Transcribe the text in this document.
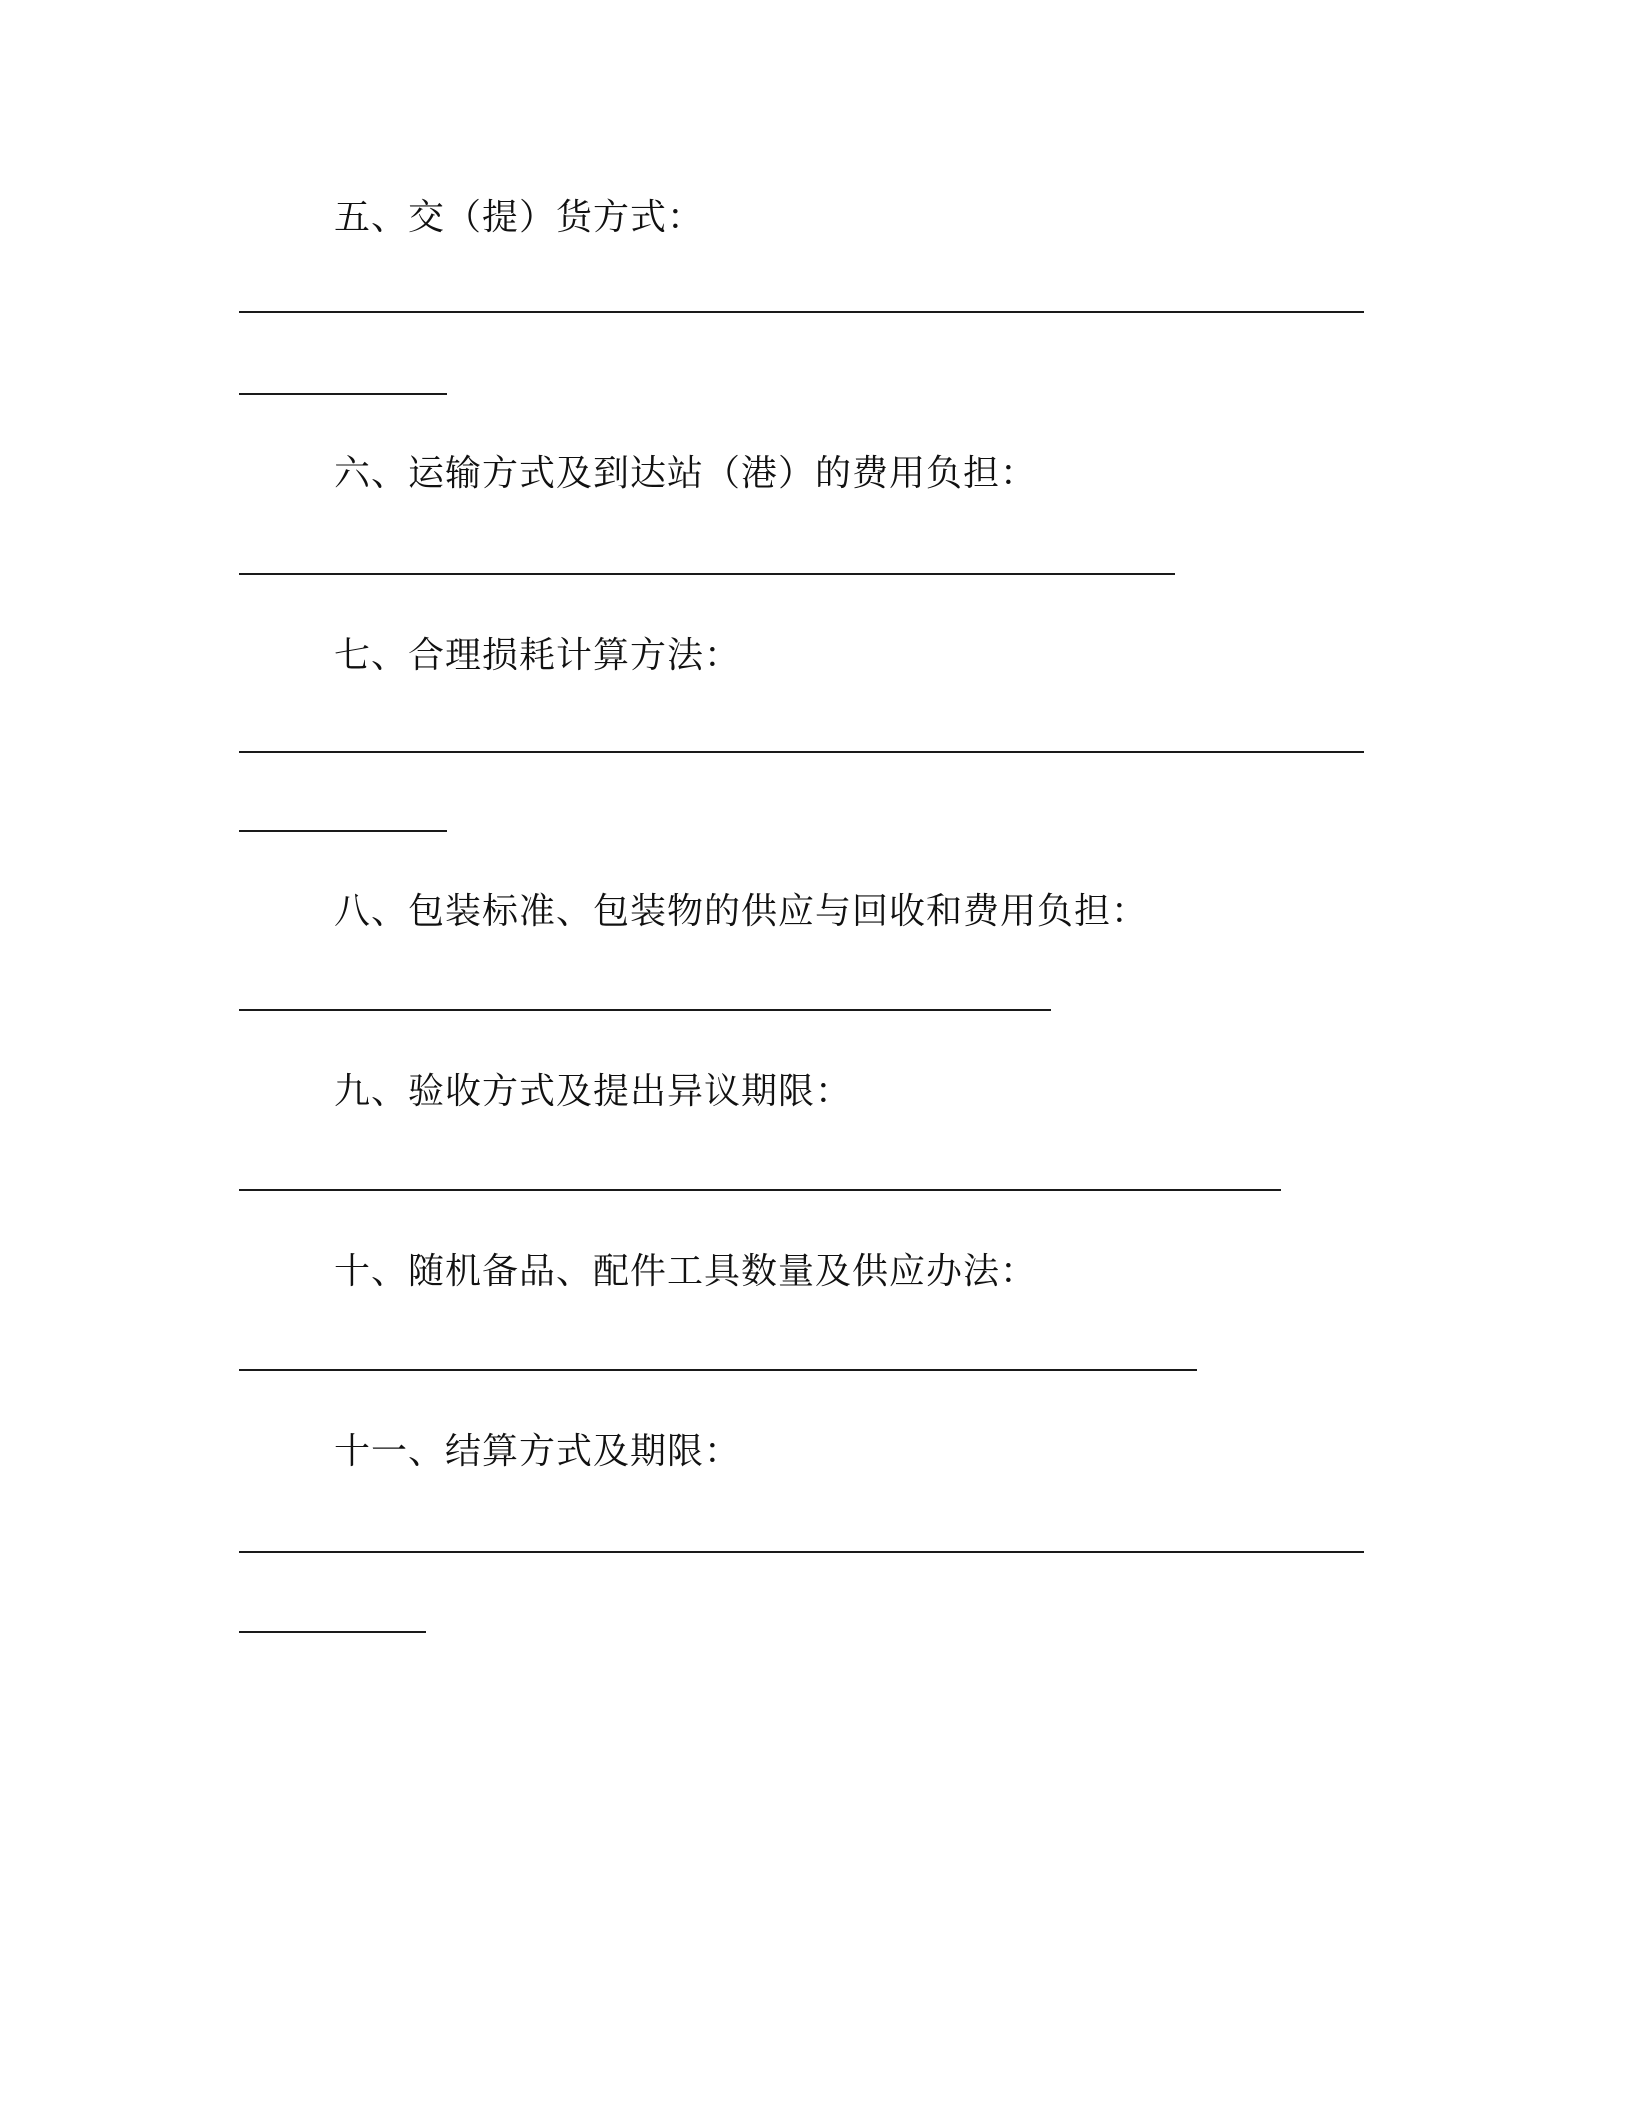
五、交（提）货方式：
六、运输方式及到达站（港）的费用负担：
七、合理损耗计算方法：
八、包装标准、包装物的供应与回收和费用负担：
九、验收方式及提出异议期限：
十、随机备品、配件工具数量及供应办法：
十一、结算方式及期限：
